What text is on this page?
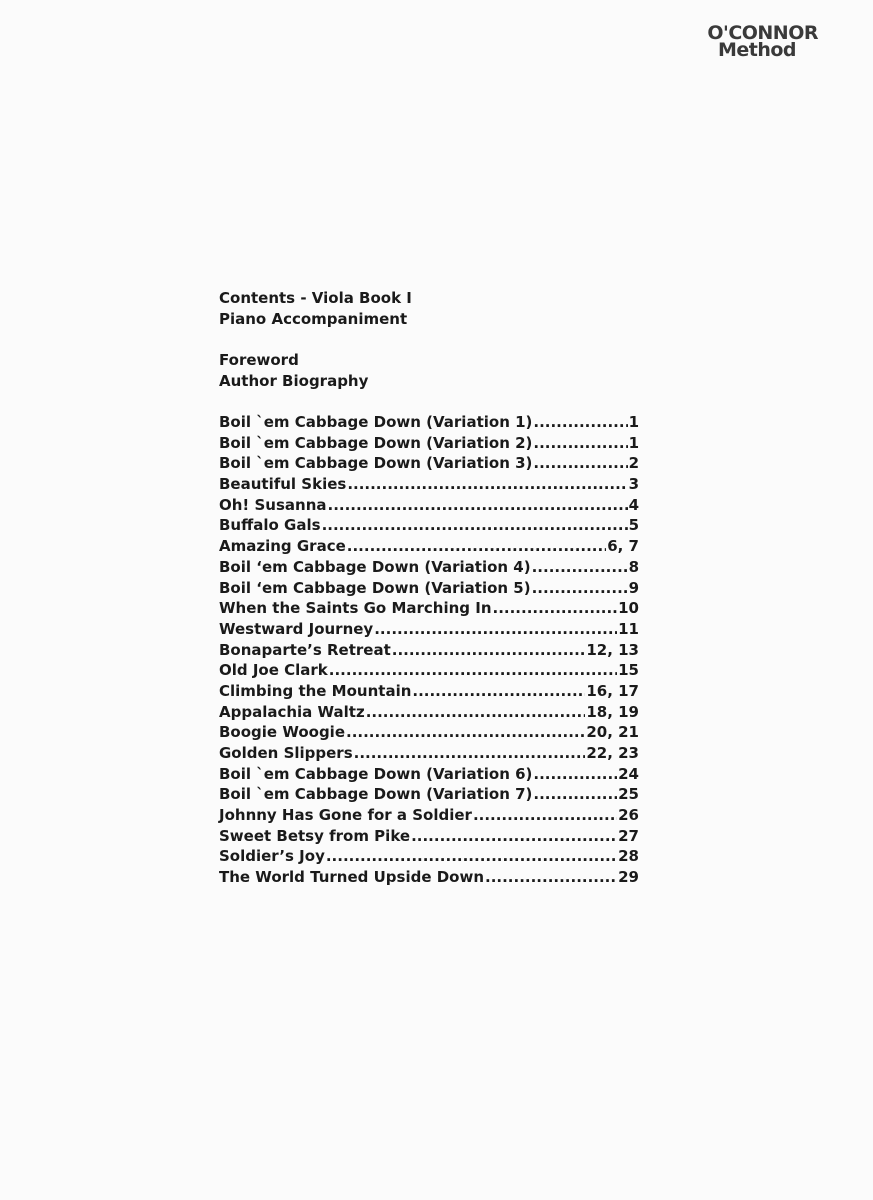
O'CONNOR
Method
Contents - Viola Book I
Piano Accompaniment
Foreword
Author Biography
Boil `em Cabbage Down (Variation 1) .....	1
Boil `em Cabbage Down (Variation 2) .....	1
Boil `em Cabbage Down (Variation 3) .....	2
Beautiful Skies .....	3
Oh! Susanna .....	4
Buffalo Gals .....	5
Amazing Grace .....	6, 7
Boil ‘em Cabbage Down (Variation 4) .....	8
Boil ‘em Cabbage Down (Variation 5) .....	9
When the Saints Go Marching In .....	10
Westward Journey .....	11
Bonaparte’s Retreat .....	12, 13
Old Joe Clark .....	15
Climbing the Mountain .....	16, 17
Appalachia Waltz .....	18, 19
Boogie Woogie .....	20, 21
Golden Slippers .....	22, 23
Boil `em Cabbage Down (Variation 6) .....	24
Boil `em Cabbage Down (Variation 7) .....	25
Johnny Has Gone for a Soldier .....	26
Sweet Betsy from Pike .....	27
Soldier’s Joy .....	28
The World Turned Upside Down .....	29
